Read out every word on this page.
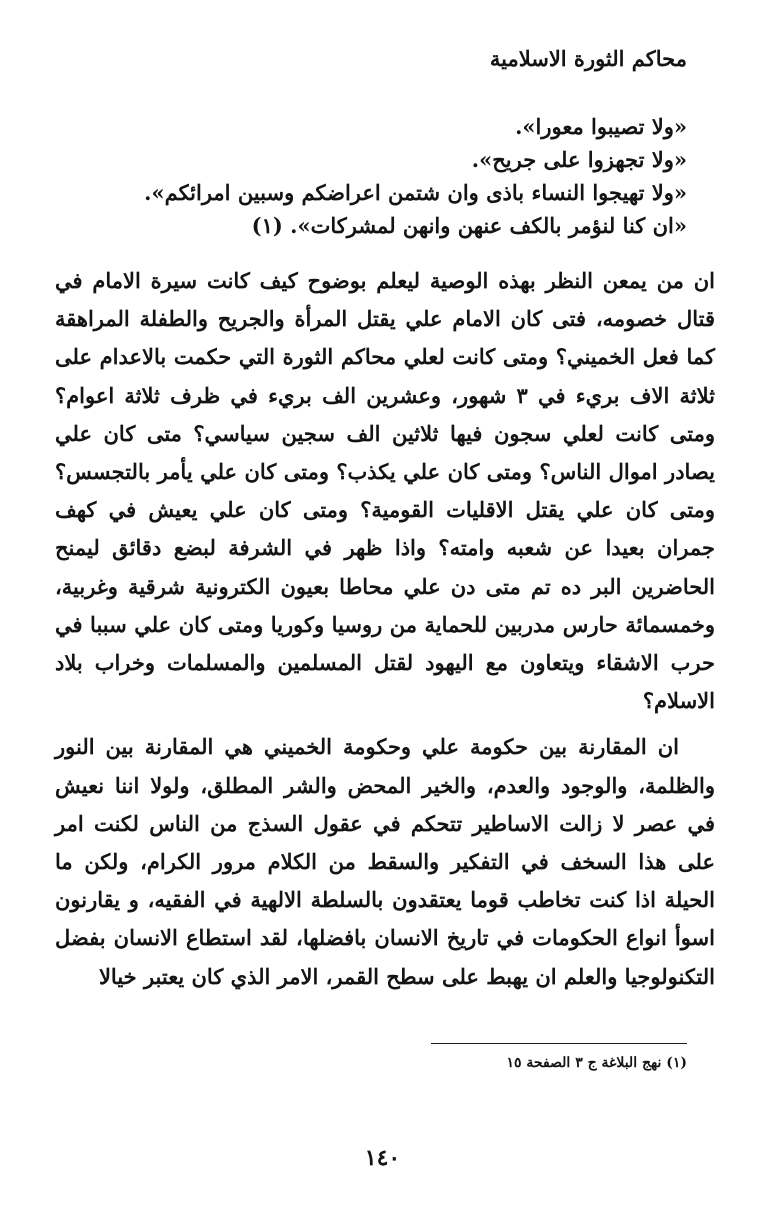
محاكم الثورة الاسلامية
«ولا تصيبوا معورا».
«ولا تجهزوا على جريح».
«ولا تهيجوا النساء باذى وان شتمن اعراضكم وسبين امرائكم».
«ان كنا لنؤمر بالكف عنهن وانهن لمشركات». (١)

ان من يمعن النظر بهذه الوصية ليعلم بوضوح كيف كانت سيرة الامام في قتال خصومه، فتى كان الامام علي يقتل المرأة والجريح والطفلة المراهقة كما فعل الخميني؟ ومتى كانت لعلي محاكم الثورة التي حكمت بالاعدام على ثلاثة الاف بريء في ٣ شهور، وعشرين الف بريء في ظرف ثلاثة اعوام؟ ومتى كانت لعلي سجون فيها ثلاثين الف سجين سياسي؟ متى كان علي يصادر اموال الناس؟ ومتى كان علي يكذب؟ ومتى كان علي يأمر بالتجسس؟ ومتى كان علي يقتل الاقليات القومية؟ ومتى كان علي يعيش في كهف جمران بعيدا عن شعبه وامته؟ واذا ظهر في الشرفة لبضع دقائق ليمنح الحاضرين البر ده تم متى دن علي محاطا بعيون الكترونية شرقية وغربية، وخمسمائة حارس مدربين للحماية من روسيا وكوريا ومتى كان علي سببا في حرب الاشقاء ويتعاون مع اليهود لقتل المسلمين والمسلمات وخراب بلاد الاسلام؟

ان المقارنة بين حكومة علي وحكومة الخميني هي المقارنة بين النور والظلمة، والوجود والعدم، والخير المحض والشر المطلق، ولولا اننا نعيش في عصر لا زالت الاساطير تتحكم في عقول السذج من الناس لكنت امر على هذا السخف في التفكير والسقط من الكلام مرور الكرام، ولكن ما الحيلة اذا كنت تخاطب قوما يعتقدون بالسلطة الالهية في الفقيه، و يقارنون اسوأ انواع الحكومات في تاريخ الانسان بافضلها، لقد استطاع الانسان بفضل التكنولوجيا والعلم ان يهبط على سطح القمر، الامر الذي كان يعتبر خيالا

(١) نهج البلاغة ج ٣ الصفحة ١٥
١٤٠
